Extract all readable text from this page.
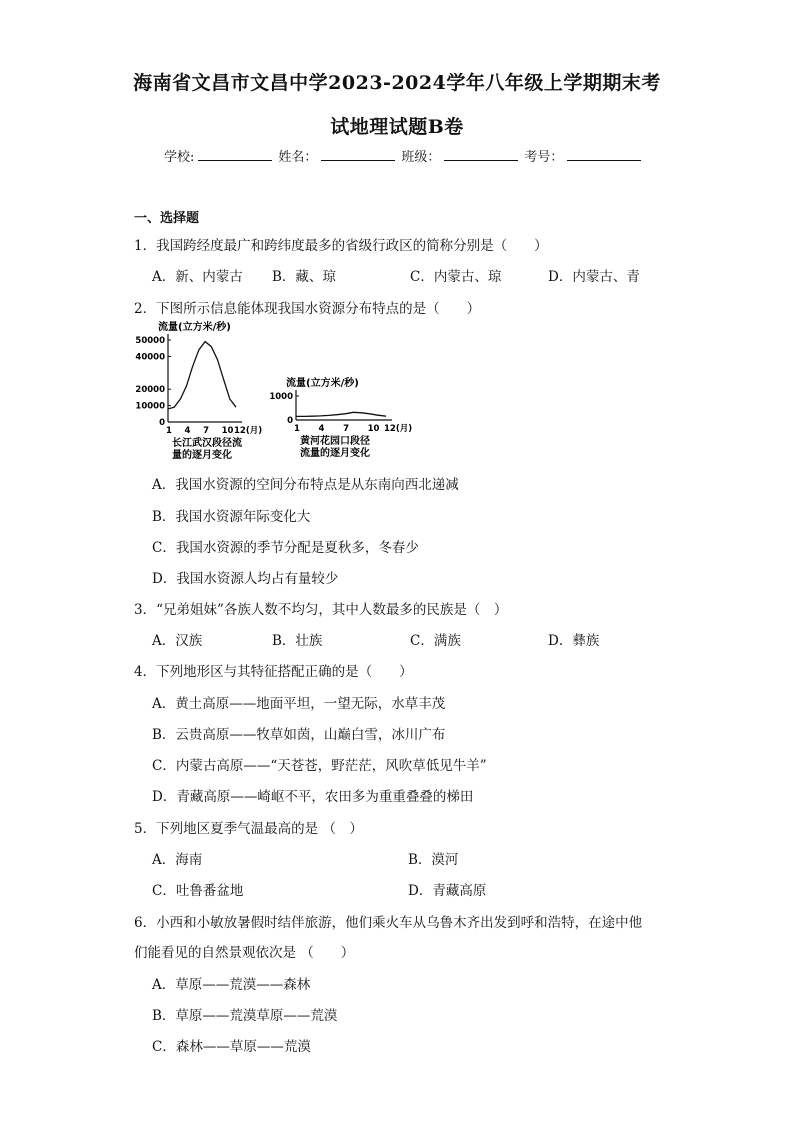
海南省文昌市文昌中学2023-2024学年八年级上学期期末考
试地理试题B卷
学校:	姓名：	班级：	考号：
一、选择题
1．我国跨经度最广和跨纬度最多的省级行政区的简称分别是（　　）
A．新、内蒙古 B．藏、琼	C．内蒙古、琼	D．内蒙古、青
2．下图所示信息能体现我国水资源分布特点的是（　　）
流量(立方米/秒)
50000
40000
20000
10000
0
1 4 7 10 12(月)
长江武汉段径流
量的逐月变化
流量(立方米/秒)
1000
0
1 4 7 10 12(月)
黄河花园口段径
流量的逐月变化
A．我国水资源的空间分布特点是从东南向西北递减
B．我国水资源年际变化大
C．我国水资源的季节分配是夏秋多，冬春少
D．我国水资源人均占有量较少
3．“兄弟姐妹”各族人数不均匀，其中人数最多的民族是（　）
A．汉族	B．壮族	C．满族	D．彝族
4．下列地形区与其特征搭配正确的是（　　）
A．黄土高原——地面平坦，一望无际，水草丰茂
B．云贵高原——牧草如茵，山巅白雪，冰川广布
C．内蒙古高原——“天苍苍，野茫茫，风吹草低见牛羊”
D．青藏高原——崎岖不平，农田多为重重叠叠的梯田
5．下列地区夏季气温最高的是 （　）
A．海南	B．漠河
C．吐鲁番盆地	D．青藏高原
6．小西和小敏放暑假时结伴旅游，他们乘火车从乌鲁木齐出发到呼和浩特，在途中他
们能看见的自然景观依次是 （　　）
A．草原——荒漠——森林
B．草原——荒漠草原——荒漠
C．森林——草原——荒漠
